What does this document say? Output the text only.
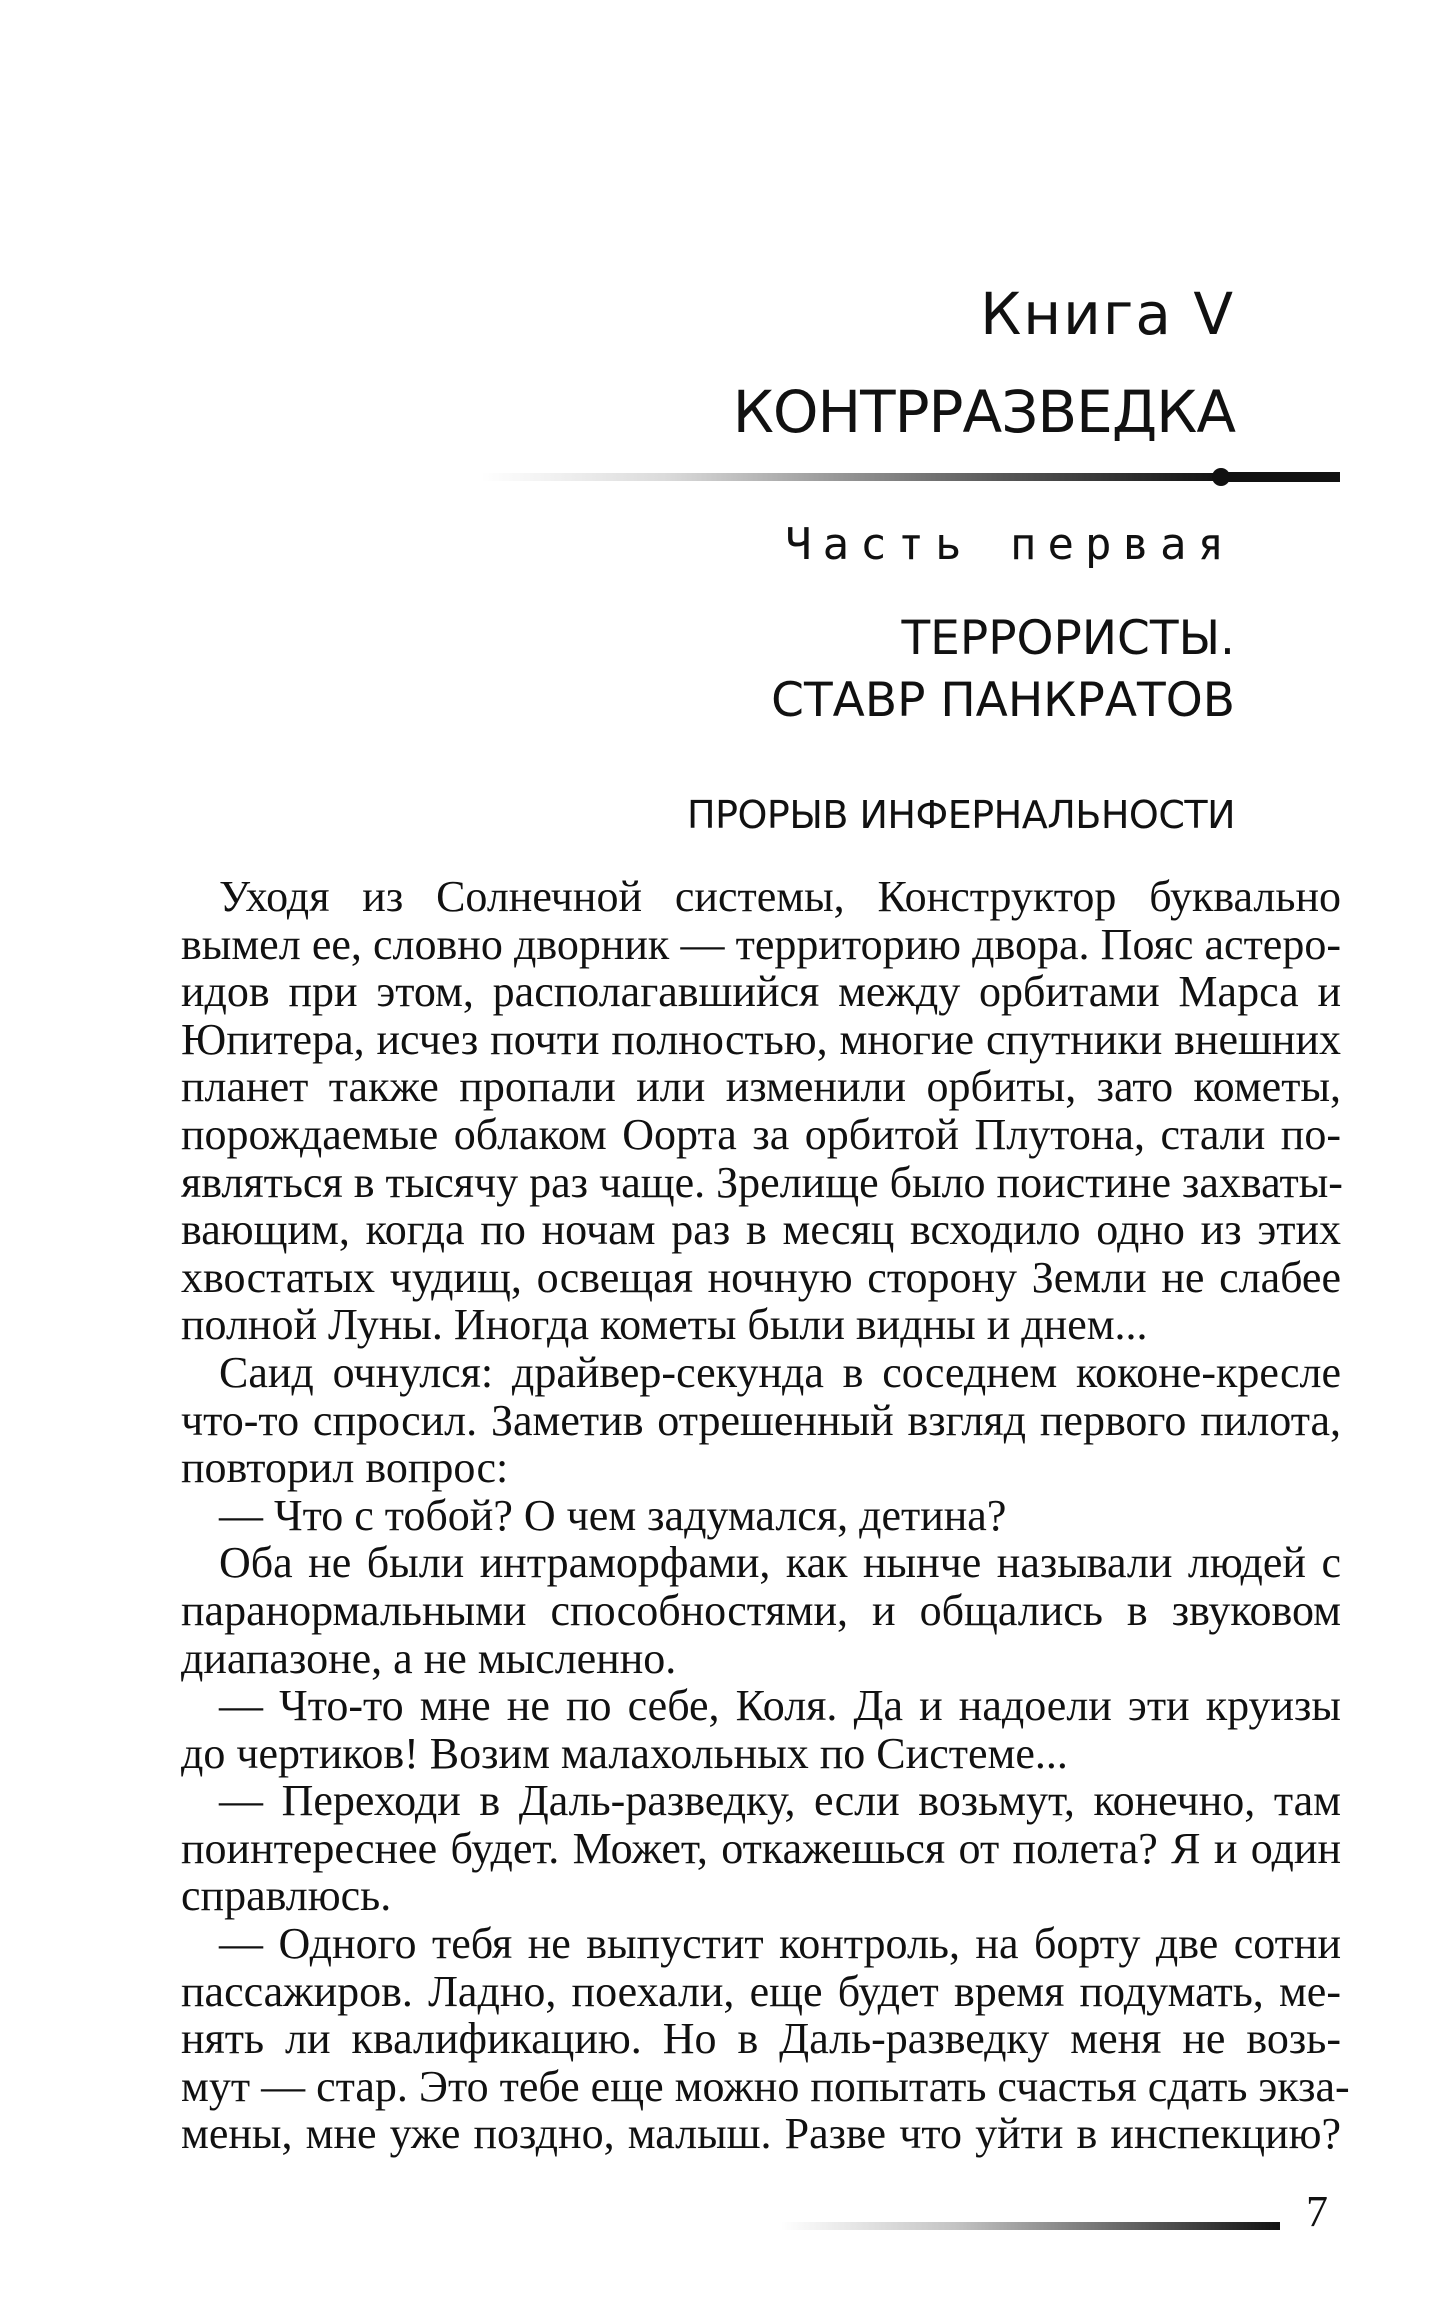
Книга V
КОНТРРАЗВЕДКА
Часть первая
ТЕРРОРИСТЫ.
СТАВР ПАНКРАТОВ
ПРОРЫВ ИНФЕРНАЛЬНОСТИ
Уходя из Солнечной системы, Конструктор буквально
вымел ее, словно дворник — территорию двора. Пояс астеро-
идов при этом, располагавшийся между орбитами Марса и
Юпитера, исчез почти полностью, многие спутники внешних
планет также пропали или изменили орбиты, зато кометы,
порождаемые облаком Оорта за орбитой Плутона, стали по-
являться в тысячу раз чаще. Зрелище было поистине захваты-
вающим, когда по ночам раз в месяц всходило одно из этих
хвостатых чудищ, освещая ночную сторону Земли не слабее
полной Луны. Иногда кометы были видны и днем...
Саид очнулся: драйвер-секунда в соседнем коконе-кресле
что-то спросил. Заметив отрешенный взгляд первого пилота,
повторил вопрос:
— Что с тобой? О чем задумался, детина?
Оба не были интраморфами, как нынче называли людей с
паранормальными способностями, и общались в звуковом
диапазоне, а не мысленно.
— Что-то мне не по себе, Коля. Да и надоели эти круизы
до чертиков! Возим малахольных по Системе...
— Переходи в Даль-разведку, если возьмут, конечно, там
поинтереснее будет. Может, откажешься от полета? Я и один
справлюсь.
— Одного тебя не выпустит контроль, на борту две сотни
пассажиров. Ладно, поехали, еще будет время подумать, ме-
нять ли квалификацию. Но в Даль-разведку меня не возь-
мут — стар. Это тебе еще можно попытать счастья сдать экза-
мены, мне уже поздно, малыш. Разве что уйти в инспекцию?
7
